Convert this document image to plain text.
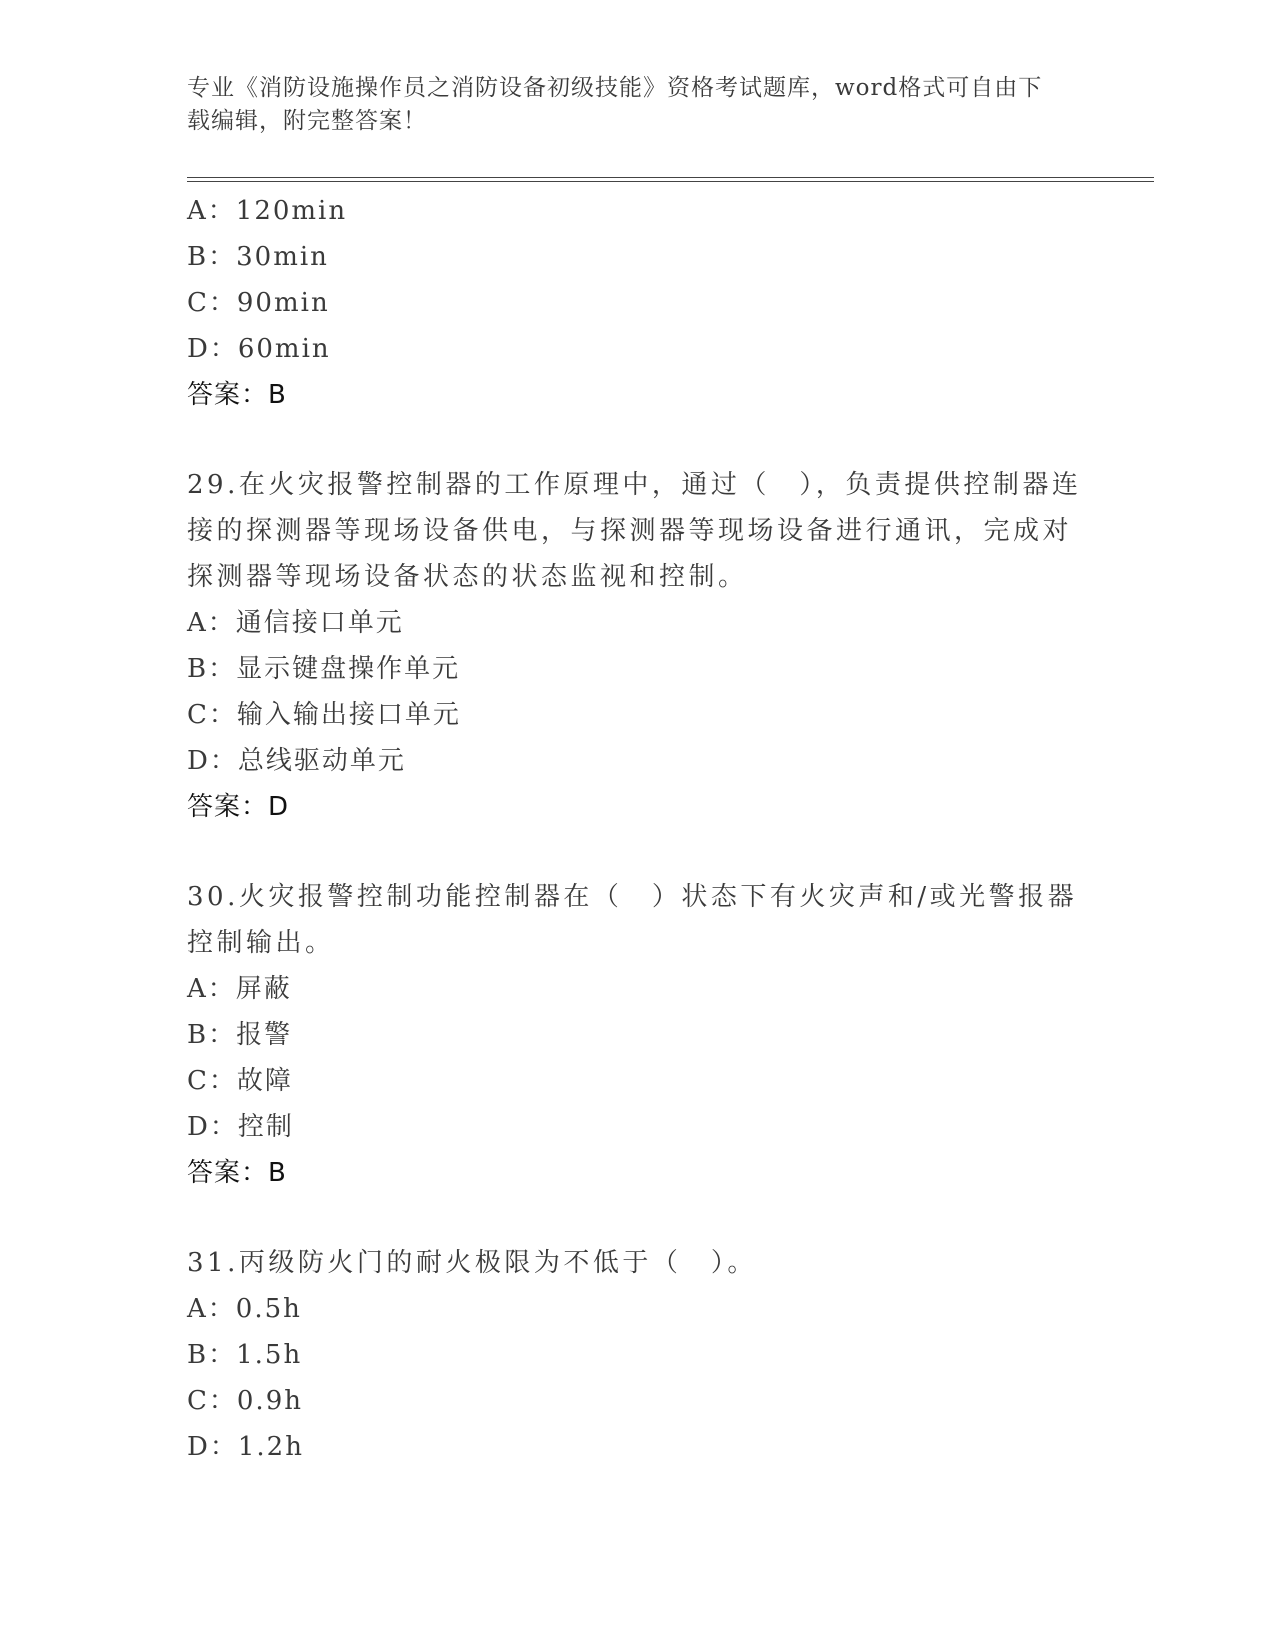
专业《消防设施操作员之消防设备初级技能》资格考试题库，word格式可自由下
载编辑，附完整答案！
A：120min
B：30min
C：90min
D：60min
答案：B
29.在火灾报警控制器的工作原理中，通过（　），负责提供控制器连
接的探测器等现场设备供电，与探测器等现场设备进行通讯，完成对
探测器等现场设备状态的状态监视和控制。
A：通信接口单元
B：显示键盘操作单元
C：输入输出接口单元
D：总线驱动单元
答案：D
30.火灾报警控制功能控制器在（　）状态下有火灾声和/或光警报器
控制输出。
A：屏蔽
B：报警
C：故障
D：控制
答案：B
31.丙级防火门的耐火极限为不低于（　）。
A：0.5h
B：1.5h
C：0.9h
D：1.2h
